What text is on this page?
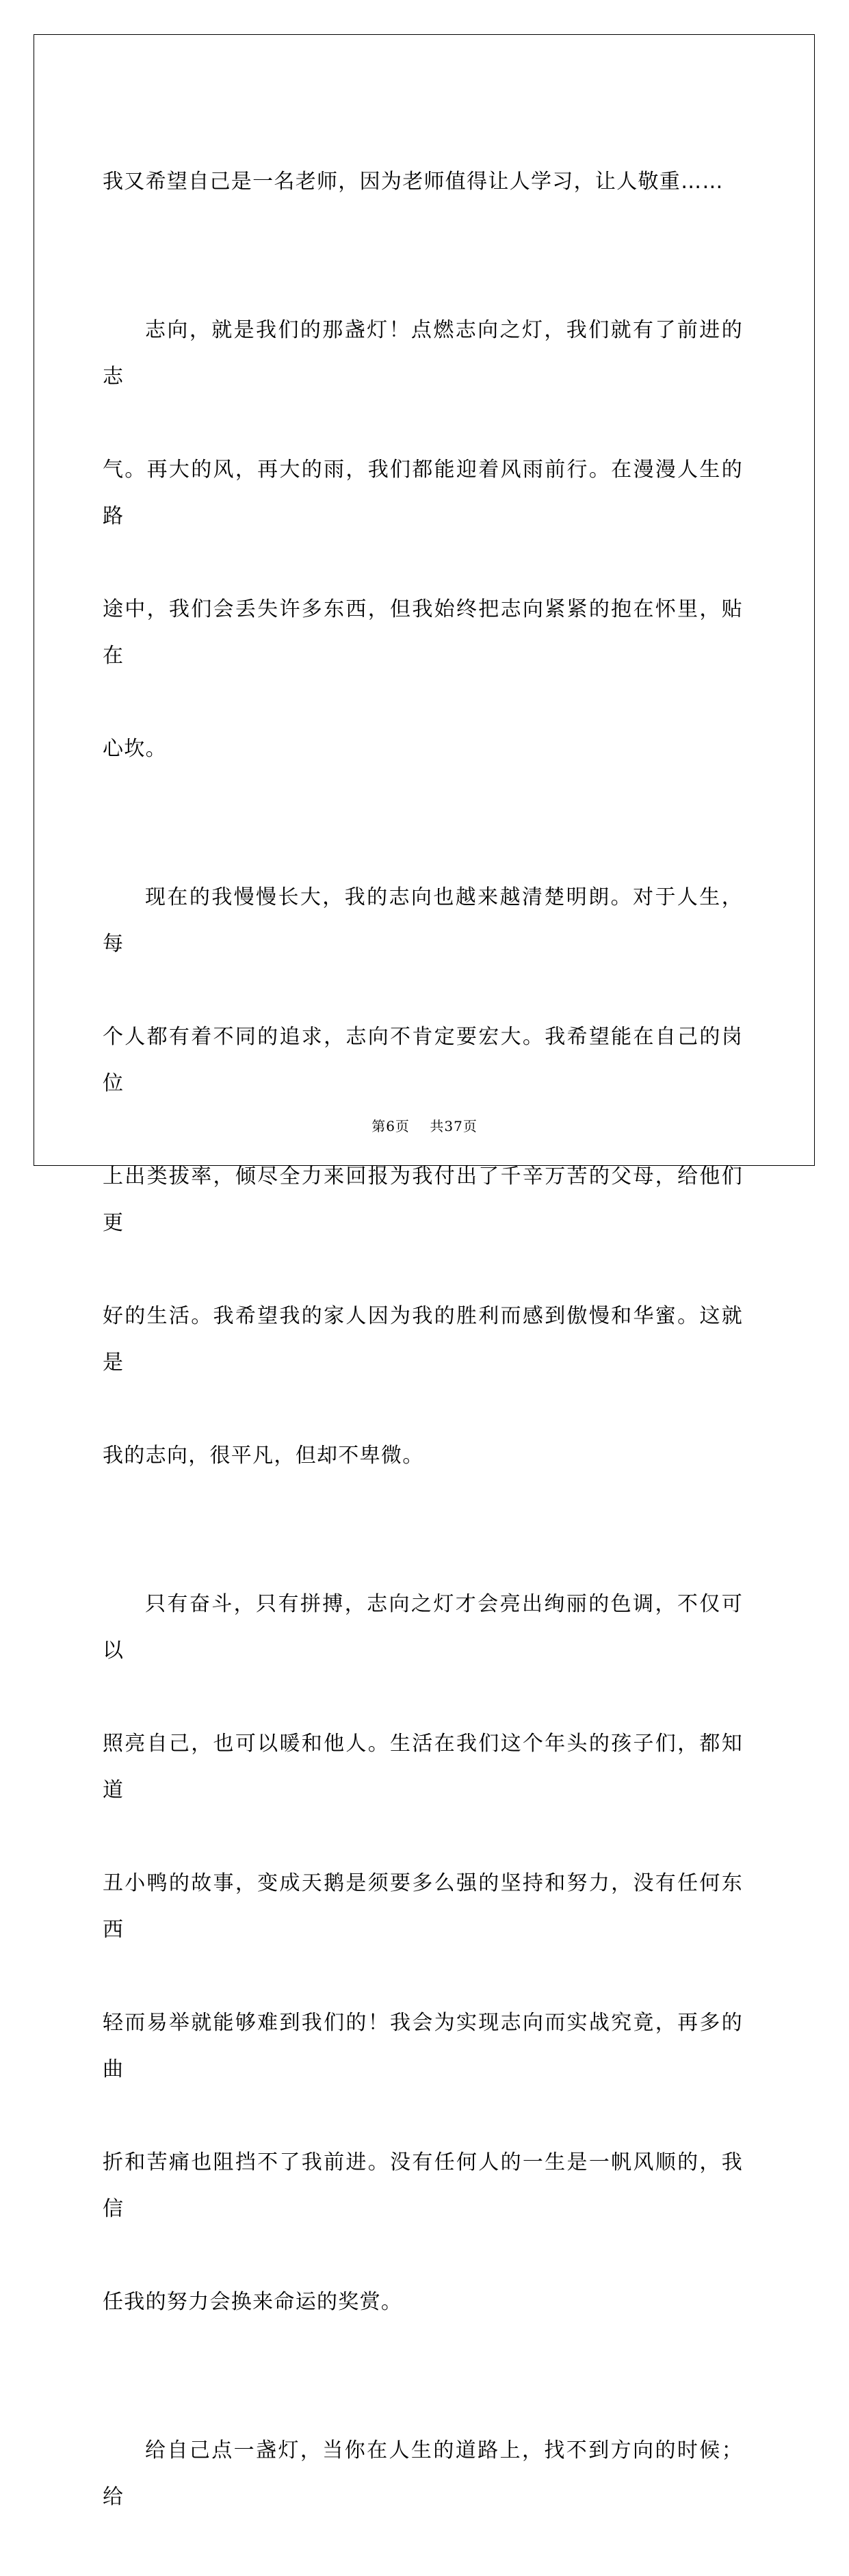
我又希望自己是一名老师，因为老师值得让人学习，让人敬重……

志向，就是我们的那盏灯！点燃志向之灯，我们就有了前进的志

气。再大的风，再大的雨，我们都能迎着风雨前行。在漫漫人生的路

途中，我们会丢失许多东西，但我始终把志向紧紧的抱在怀里，贴在

心坎。

现在的我慢慢长大，我的志向也越来越清楚明朗。对于人生，每

个人都有着不同的追求，志向不肯定要宏大。我希望能在自己的岗位

上出类拔率，倾尽全力来回报为我付出了千辛万苦的父母，给他们更

好的生活。我希望我的家人因为我的胜利而感到傲慢和华蜜。这就是

我的志向，很平凡，但却不卑微。

只有奋斗，只有拼搏，志向之灯才会亮出绚丽的色调，不仅可以

照亮自己，也可以暖和他人。生活在我们这个年头的孩子们，都知道

丑小鸭的故事，变成天鹅是须要多么强的坚持和努力，没有任何东西

轻而易举就能够难到我们的！我会为实现志向而实战究竟，再多的曲

折和苦痛也阻挡不了我前进。没有任何人的一生是一帆风顺的，我信

任我的努力会换来命运的奖赏。

给自己点一盏灯，当你在人生的道路上，找不到方向的时候；给

第6页 共37页
